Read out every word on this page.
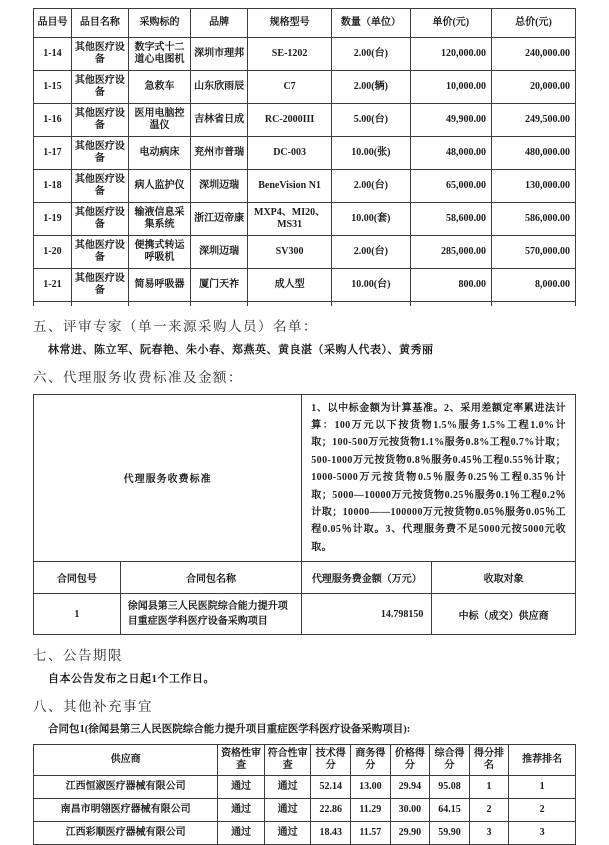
品目号	品目名称	采购标的	品牌	规格型号	数量（单位）	单价(元)	总价(元)
1-14	其他医疗设备	数字式十二道心电图机	深圳市理邦	SE-1202	2.00(台)	120,000.00	240,000.00
1-15	其他医疗设备	急救车	山东欣雨辰	C7	2.00(辆)	10,000.00	20,000.00
1-16	其他医疗设备	医用电脑控温仪	吉林省日成	RC-2000III	5.00(台)	49,900.00	249,500.00
1-17	其他医疗设备	电动病床	兖州市普瑞	DC-003	10.00(张)	48,000.00	480,000.00
1-18	其他医疗设备	病人监护仪	深圳迈瑞	BeneVision N1	2.00(台)	65,000.00	130,000.00
1-19	其他医疗设备	输液信息采集系统	浙江迈帝康	MXP4、MI20、MS31	10.00(套)	58,600.00	586,000.00
1-20	其他医疗设备	便携式转运呼吸机	深圳迈瑞	SV300	2.00(台)	285,000.00	570,000.00
1-21	其他医疗设备	简易呼吸器	厦门天祚	成人型	10.00(台)	800.00	8,000.00

五、评审专家（单一来源采购人员）名单：
林常进、陈立军、阮春艳、朱小春、郑燕英、黄良湛（采购人代表）、黄秀丽
六、代理服务收费标准及金额：
代理服务收费标准		1、以中标金额为计算基准。2、采用差额定率累进法计算：100万元以下按货物1.5%服务1.5%工程1.0%计取；100-500万元按货物1.1%服务0.8%工程0.7%计取；500-1000万元按货物0.8％服务0.45％工程0.55％计取；1000-5000万元按货物0.5％服务0.25％工程0.35％计取；5000—10000万元按货物0.25％服务0.1％工程0.2％计取；10000——100000万元按货物0.05％服务0.05％工程0.05％计取。3、代理服务费不足5000元按5000元收取。	
合同包号	合同包名称	代理服务费金额（万元）	收取对象
1	徐闻县第三人民医院综合能力提升项目重症医学科医疗设备采购项目	14.798150	中标（成交）供应商
七、公告期限
自本公告发布之日起1个工作日。
八、其他补充事宜
合同包1(徐闻县第三人民医院综合能力提升项目重症医学科医疗设备采购项目):
供应商	资格性审查	符合性审查	技术得分	商务得分	价格得分	综合得分	得分排名	推荐排名
江西恒淑医疗器械有限公司	通过	通过	52.14	13.00	29.94	95.08	1	1
南昌市明翎医疗器械有限公司	通过	通过	22.86	11.29	30.00	64.15	2	2
江西彩顺医疗器械有限公司	通过	通过	18.43	11.57	29.90	59.90	3	3
